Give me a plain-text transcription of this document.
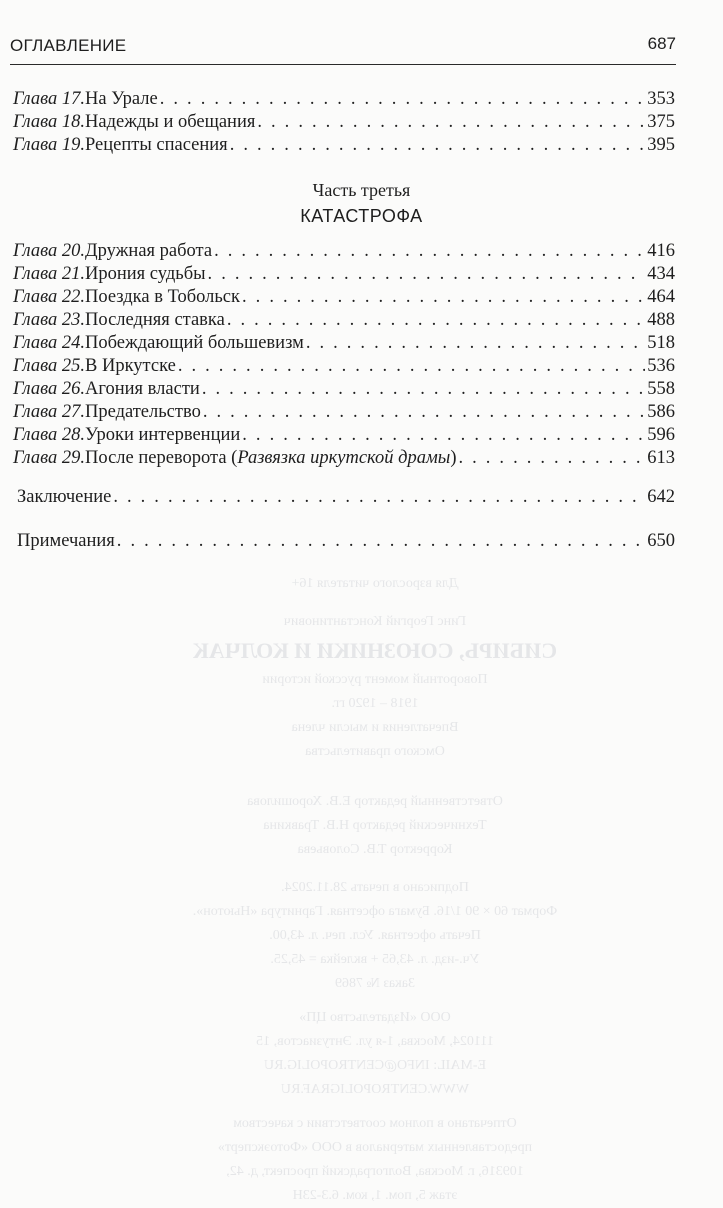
ОГЛАВЛЕНИЕ	687
Глава 17. На Урале . . .	353
Глава 18. Надежды и обещания . . .	375
Глава 19. Рецепты спасения . . .	395
Часть третья
КАТАСТРОФА
Глава 20. Дружная работа . . .	416
Глава 21. Ирония судьбы . . .	434
Глава 22. Поездка в Тобольск . . .	464
Глава 23. Последняя ставка . . .	488
Глава 24. Побеждающий большевизм . . .	518
Глава 25. В Иркутске . . .	536
Глава 26. Агония власти . . .	558
Глава 27. Предательство . . .	586
Глава 28. Уроки интервенции . . .	596
Глава 29. После переворота (Развязка иркутской драмы) . . .	613
Заключение . . .	642
Примечания . . .	650
Для взрослого читателя 16+
Гинс Георгий Константинович
СИБИРЬ, СОЮЗНИКИ И КОЛЧАК
Поворотный момент русской истории
1918 – 1920 гг.
Впечатления и мысли члена
Омского правительства
Ответственный редактор Е.В. Хорошилова
Технический редактор Н.В. Травкина
Корректор Т.В. Соловьева
Подписано в печать 28.11.2024.
Формат 60 × 90 1/16. Бумага офсетная. Гарнитура «Ньютон».
Печать офсетная. Усл. печ. л. 43,00.
Уч.-изд. л. 43,65 + вклейка = 45,25.
Заказ № 7869
ООО «Издательство ЦП»
111024, Москва, 1-я ул. Энтузиастов, 15
E-MAIL: INFO@CENTROPOLIG.RU
WWW.CENTROPOLIGRAF.RU
Отпечатано в полном соответствии с качеством
предоставленных материалов в ООО «Фотоэксперт»
109316, г. Москва, Волгоградский проспект, д. 42,
этаж 5, пом. 1, ком. 6.3-23Н
